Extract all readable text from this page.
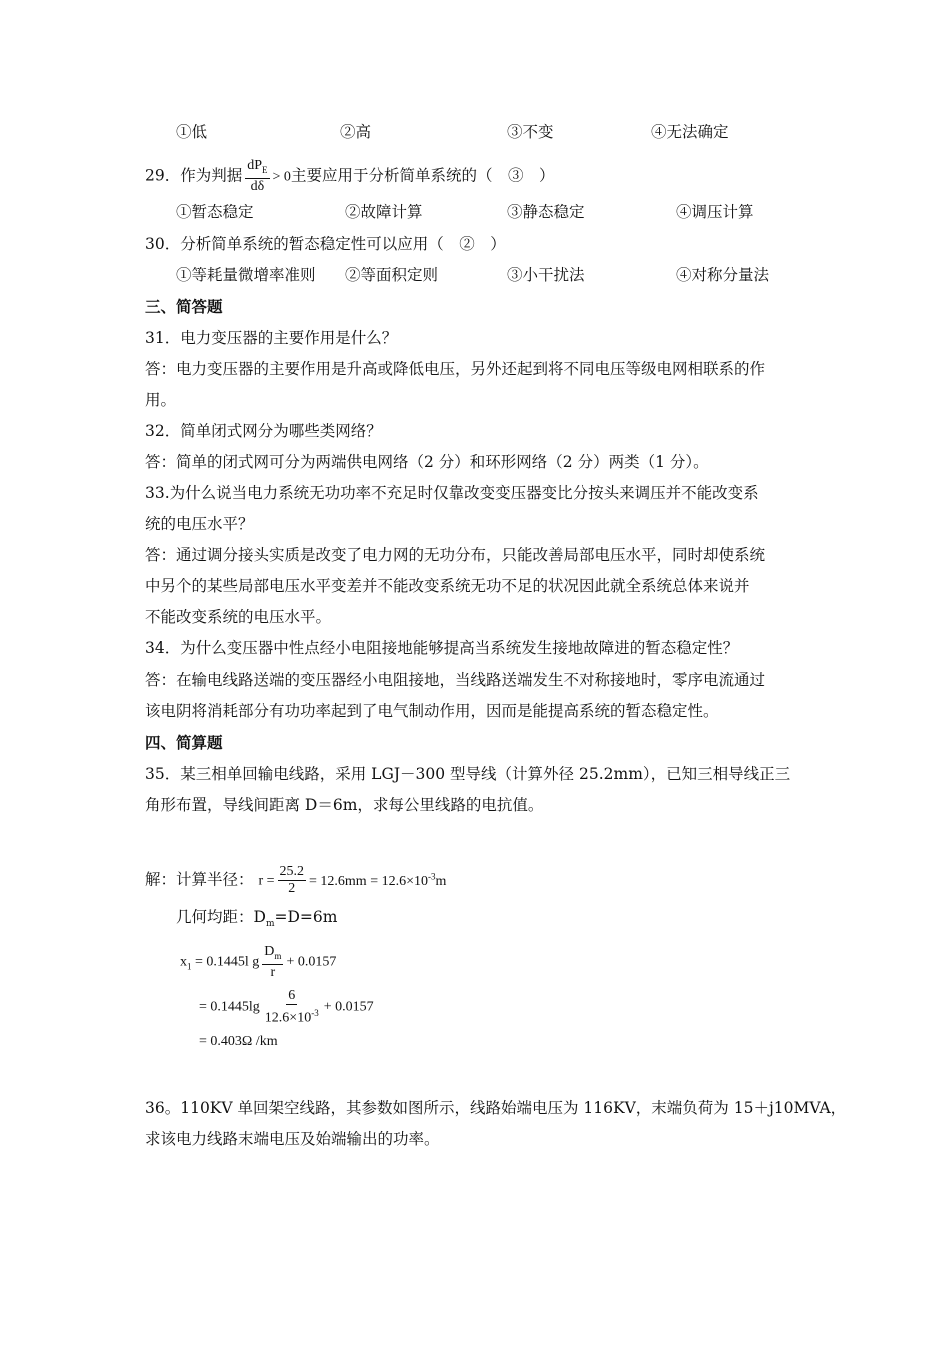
①低	②高	③不变	④无法确定
29．作为判据 $\frac{dP_E}{d\delta} > 0$主要应用于分析简单系统的（　③　）
①暂态稳定	②故障计算	③静态稳定	④调压计算
30．分析简单系统的暂态稳定性可以应用（　②　）
①等耗量微增率准则 ②等面积定则	③小干扰法	④对称分量法
三、简答题
31．电力变压器的主要作用是什么？
答：电力变压器的主要作用是升高或降低电压，另外还起到将不同电压等级电网相联系的作
用。
32．简单闭式网分为哪些类网络？
答：简单的闭式网可分为两端供电网络（2 分）和环形网络（2 分）两类（1 分）。
33.为什么说当电力系统无功功率不充足时仅靠改变变压器变比分按头来调压并不能改变系
统的电压水平？
答：通过调分接头实质是改变了电力网的无功分布，只能改善局部电压水平，同时却使系统
中另个的某些局部电压水平变差并不能改变系统无功不足的状况因此就全系统总体来说并
不能改变系统的电压水平。
34．为什么变压器中性点经小电阻接地能够提高当系统发生接地故障进的暂态稳定性？
答：在输电线路送端的变压器经小电阻接地，当线路送端发生不对称接地时，零序电流通过
该电阴将消耗部分有功功率起到了电气制动作用，因而是能提高系统的暂态稳定性。
四、简算题
35．某三相单回输电线路，采用 LGJ－300 型导线（计算外径 25.2mm），已知三相导线正三
角形布置，导线间距离 D＝6m，求每公里线路的电抗值。
解：计算半径： $r = \frac{25.2}{2} = 12.6mm = 12.6\times 10^{-3}m$
几何均距：$D_m=D=6m$
$x_1 = 0.1445l$ g $\frac{D_m}{r} + 0.0157$
= $0.1445\lg \frac{6}{12.6\times 10^{-3}} + 0.0157$
= 0.403Ω /km
36。110KV 单回架空线路，其参数如图所示，线路始端电压为 116KV，末端负荷为 15＋j10MVA，
求该电力线路末端电压及始端输出的功率。
